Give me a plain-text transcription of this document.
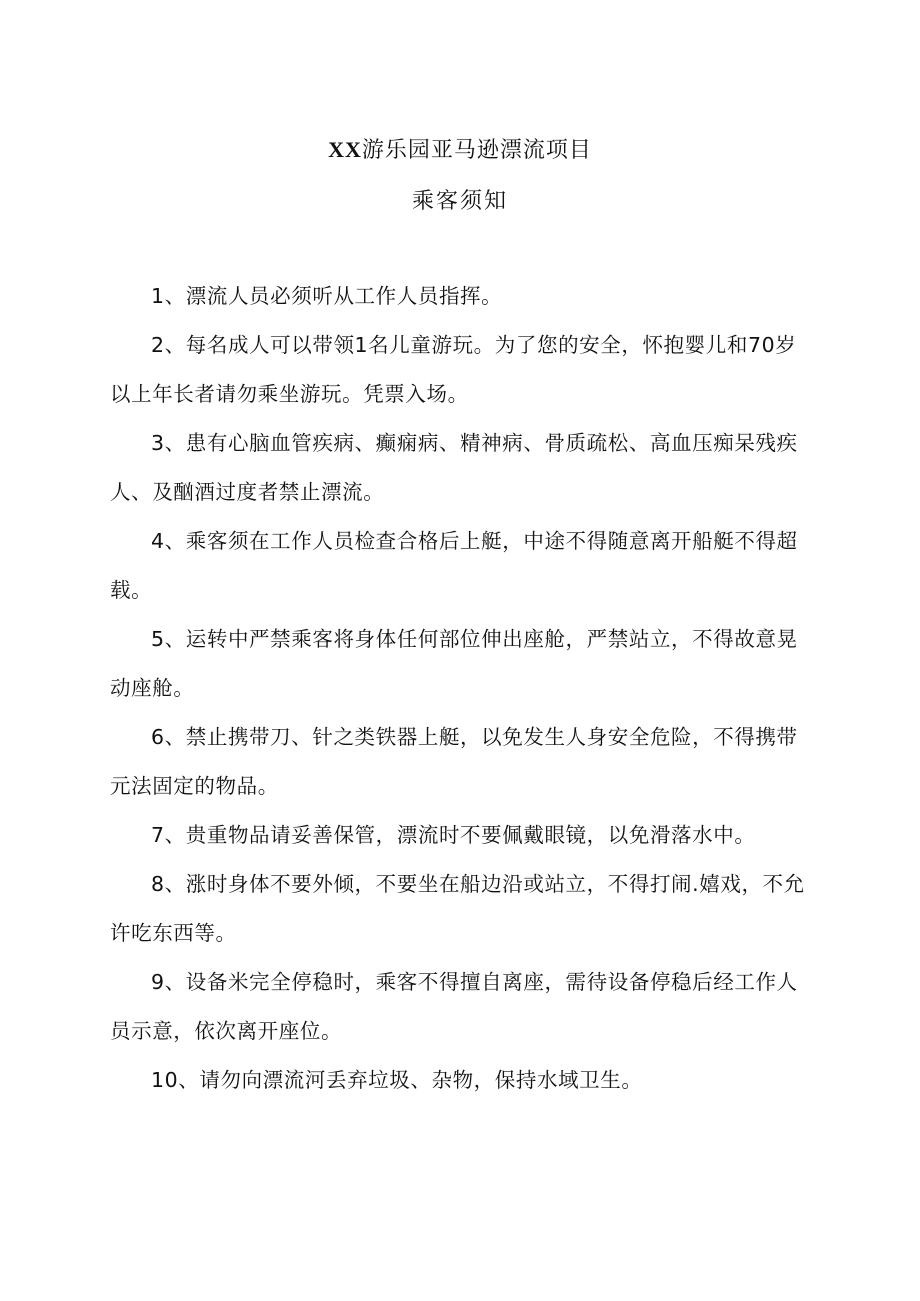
XX游乐园亚马逊漂流项目
乘客须知
1、漂流人员必须听从工作人员指挥。
2、每名成人可以带领1名儿童游玩。为了您的安全，怀抱婴儿和70岁以上年长者请勿乘坐游玩。凭票入场。
3、患有心脑血管疾病、癫痫病、精神病、骨质疏松、高血压痴呆残疾人、及酗酒过度者禁止漂流。
4、乘客须在工作人员检查合格后上艇，中途不得随意离开船艇不得超载。
5、运转中严禁乘客将身体任何部位伸出座舱，严禁站立，不得故意晃动座舱。
6、禁止携带刀、针之类铁器上艇，以免发生人身安全危险，不得携带元法固定的物品。
7、贵重物品请妥善保管，漂流时不要佩戴眼镜，以免滑落水中。
8、涨时身体不要外倾，不要坐在船边沿或站立，不得打闹.嬉戏，不允许吃东西等。
9、设备米完全停稳时，乘客不得擅自离座，需待设备停稳后经工作人员示意，依次离开座位。
10、请勿向漂流河丢弃垃圾、杂物，保持水域卫生。
